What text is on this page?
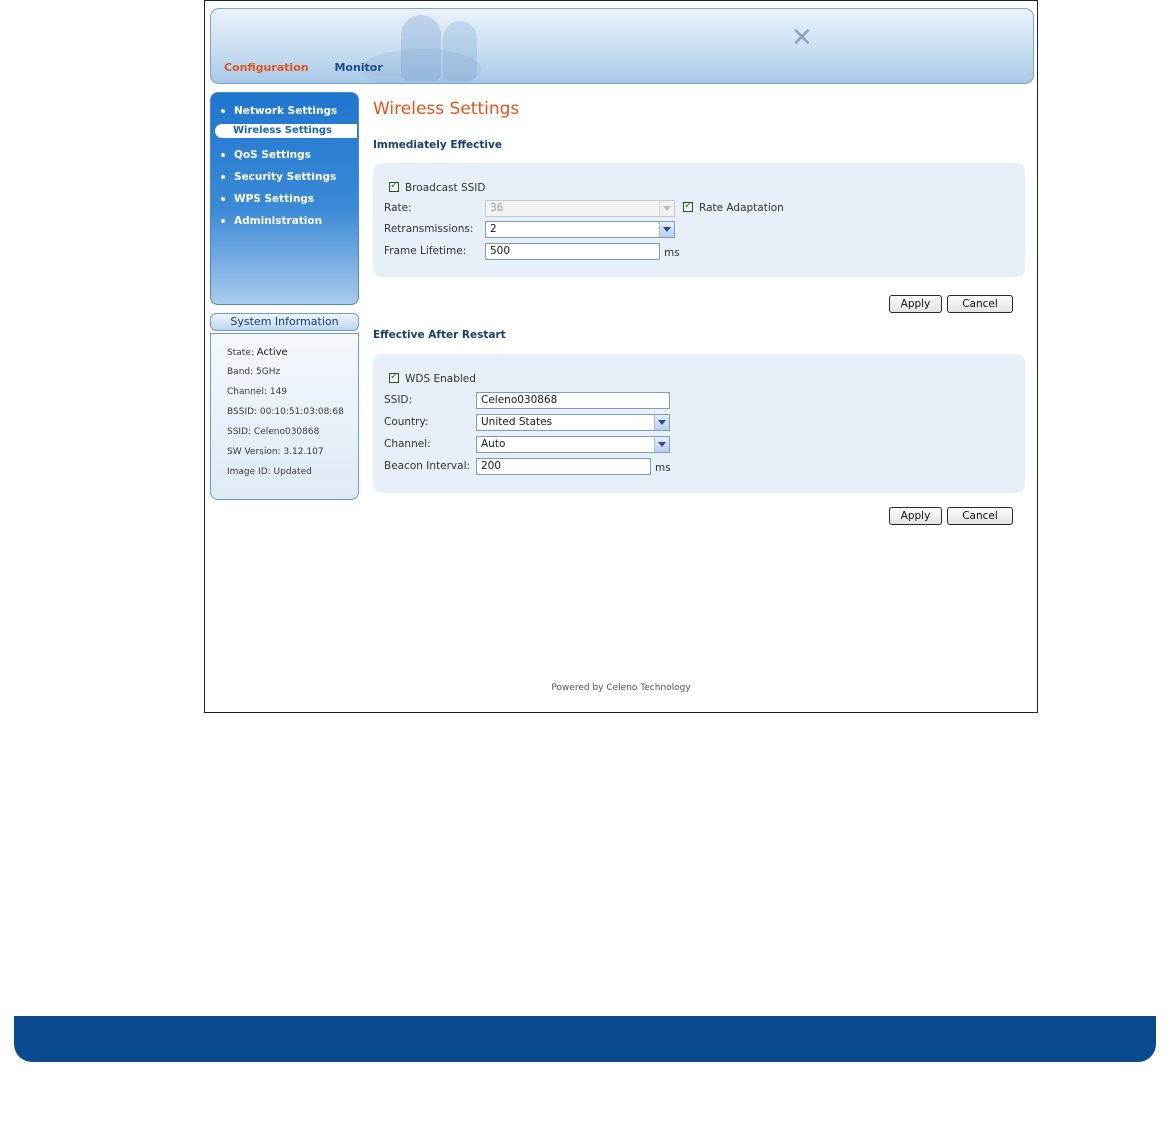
✕
Configuration Monitor
Network Settings
Wireless Settings
QoS Settings
Security Settings
WPS Settings
Administration
System Information
State: Active
Band: 5GHz
Channel: 149
BSSID: 00:10:51:03:08:68
SSID: Celeno030868
SW Version: 3.12.107
Image ID: Updated
Wireless Settings
Immediately Effective
✓
Broadcast SSID
Rate:	36
✓	Rate Adaptation
Retransmissions:	2
Frame Lifetime:	500	ms
Apply	Cancel
Effective After Restart
✓
WDS Enabled
SSID:	Celeno030868
Country:	United States
Channel:	Auto
Beacon Interval:	200	ms
Apply	Cancel
Powered by Celeno Technology
